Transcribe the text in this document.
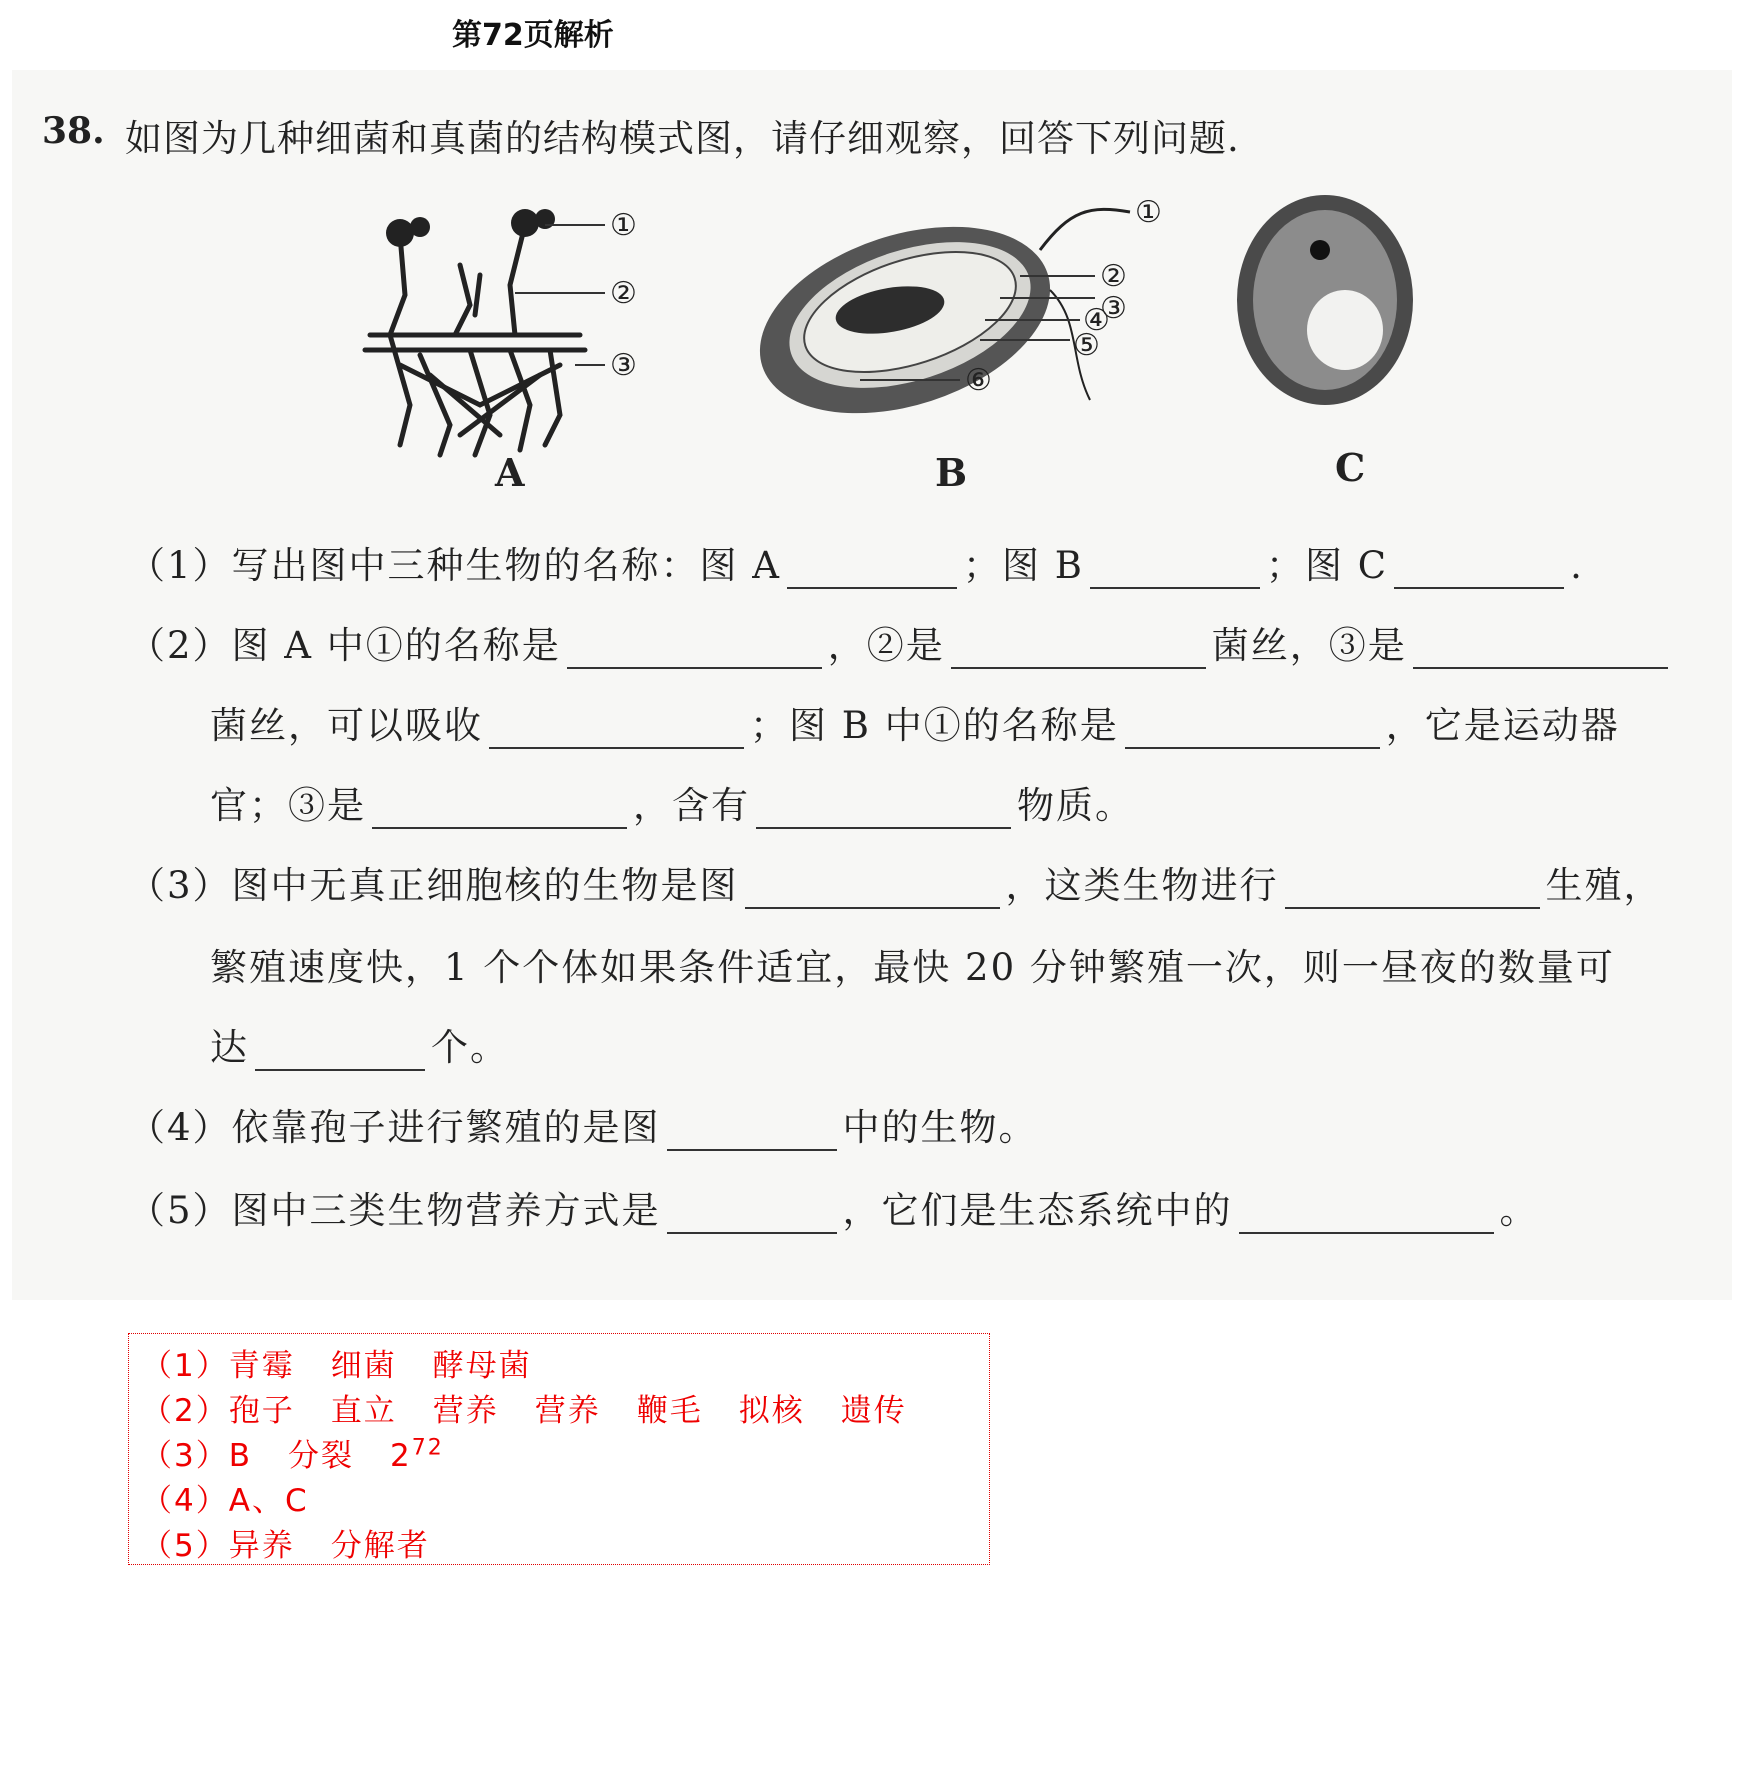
第72页解析
38. 如图为几种细菌和真菌的结构模式图，请仔细观察，回答下列问题.
①
②
③
A
①
②
③
④
⑤
⑥
B	C
（1）写出图中三种生物的名称：图 A	；图 B	；图 C	.
（2）图 A 中①的名称是	，②是	菌丝，③是
菌丝，可以吸收	；图 B 中①的名称是	，它是运动器
官；③是	，含有	物质。
（3）图中无真正细胞核的生物是图	，这类生物进行	生殖，
繁殖速度快，1 个个体如果条件适宜，最快 20 分钟繁殖一次，则一昼夜的数量可
达	个。
（4）依靠孢子进行繁殖的是图	中的生物。
（5）图中三类生物营养方式是	，它们是生态系统中的	。
（1）青霉 细菌 酵母菌
（2）孢子 直立 营养 营养 鞭毛 拟核 遗传
（3）B 分裂 $2^{72}$
（4）A、C
（5）异养 分解者
